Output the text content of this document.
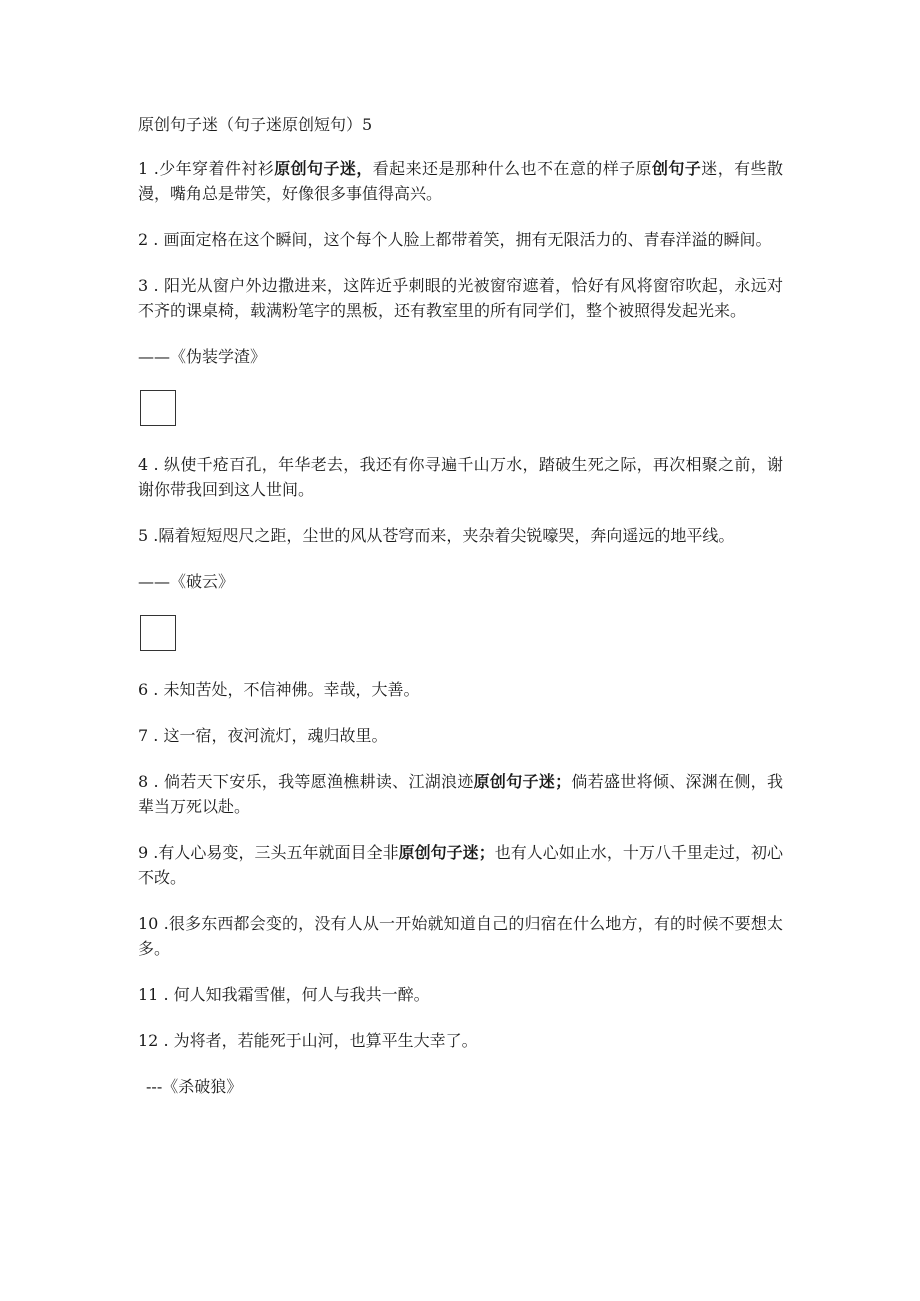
原创句子迷（句子迷原创短句）5

1 .少年穿着件衬衫原创句子迷，看起来还是那种什么也不在意的样子原创句子迷，有些散漫，嘴角总是带笑，好像很多事值得高兴。

2 . 画面定格在这个瞬间，这个每个人脸上都带着笑，拥有无限活力的、青春洋溢的瞬间。

3 . 阳光从窗户外边撒进来，这阵近乎刺眼的光被窗帘遮着，恰好有风将窗帘吹起，永远对不齐的课桌椅，载满粉笔字的黑板，还有教室里的所有同学们，整个被照得发起光来。

——《伪装学渣》

4 . 纵使千疮百孔，年华老去，我还有你寻遍千山万水，踏破生死之际，再次相聚之前，谢谢你带我回到这人世间。

5 .隔着短短咫尺之距，尘世的风从苍穹而来，夹杂着尖锐嚎哭，奔向遥远的地平线。

——《破云》

6 . 未知苦处，不信神佛。幸哉，大善。

7 . 这一宿，夜河流灯，魂归故里。

8 . 倘若天下安乐，我等愿渔樵耕读、江湖浪迹原创句子迷；倘若盛世将倾、深渊在侧，我辈当万死以赴。

9 .有人心易变，三头五年就面目全非原创句子迷；也有人心如止水，十万八千里走过，初心不改。

10 .很多东西都会变的，没有人从一开始就知道自己的归宿在什么地方，有的时候不要想太多。

11 . 何人知我霜雪催，何人与我共一醉。

12 . 为将者，若能死于山河，也算平生大幸了。

---《杀破狼》
